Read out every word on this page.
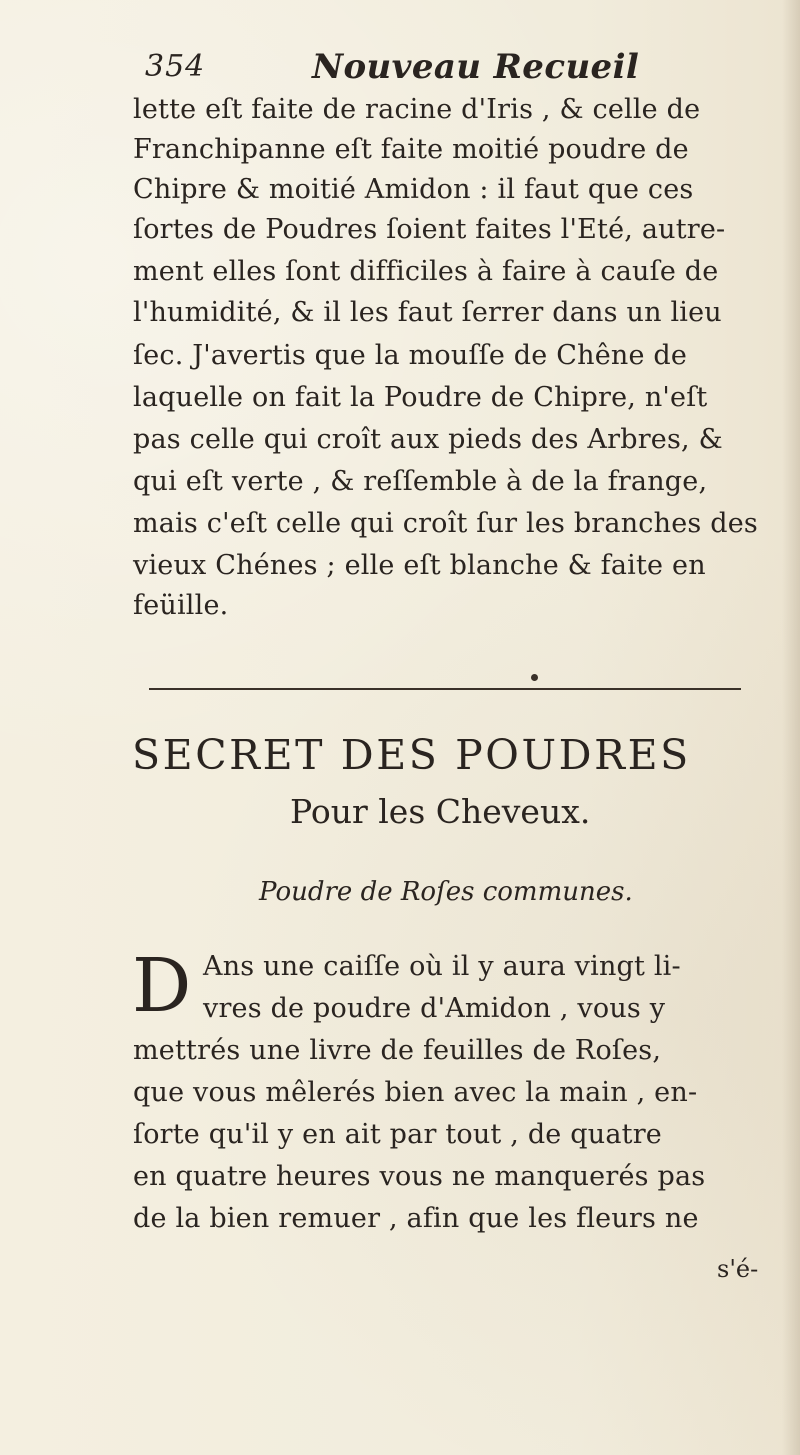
354	Nouveau Recueil
lette eſt faite de racine d'Iris , & celle de
Franchipanne eſt faite moitié poudre de
Chipre & moitié Amidon : il faut que ces
ſortes de Poudres ſoient faites l'Eté, autre-
ment elles ſont difficiles à faire à cauſe de
l'humidité, & il les faut ſerrer dans un lieu
ſec. J'avertis que la mouſſe de Chêne de
laquelle on fait la Poudre de Chipre, n'eſt
pas celle qui croît aux pieds des Arbres, &
qui eſt verte , & reſſemble à de la frange,
mais c'eſt celle qui croît ſur les branches des
vieux Chénes ; elle eſt blanche & faite en
feüille.
SECRET DES POUDRES
Pour les Cheveux.
Poudre de Roſes communes.
D Ans une caiſſe où il y aura vingt li-
vres de poudre d'Amidon , vous y
mettrés une livre de feuilles de Roſes,
que vous mêlerés bien avec la main , en-
ſorte qu'il y en ait par tout , de quatre
en quatre heures vous ne manquerés pas
de la bien remuer , afin que les fleurs ne
s'é-
